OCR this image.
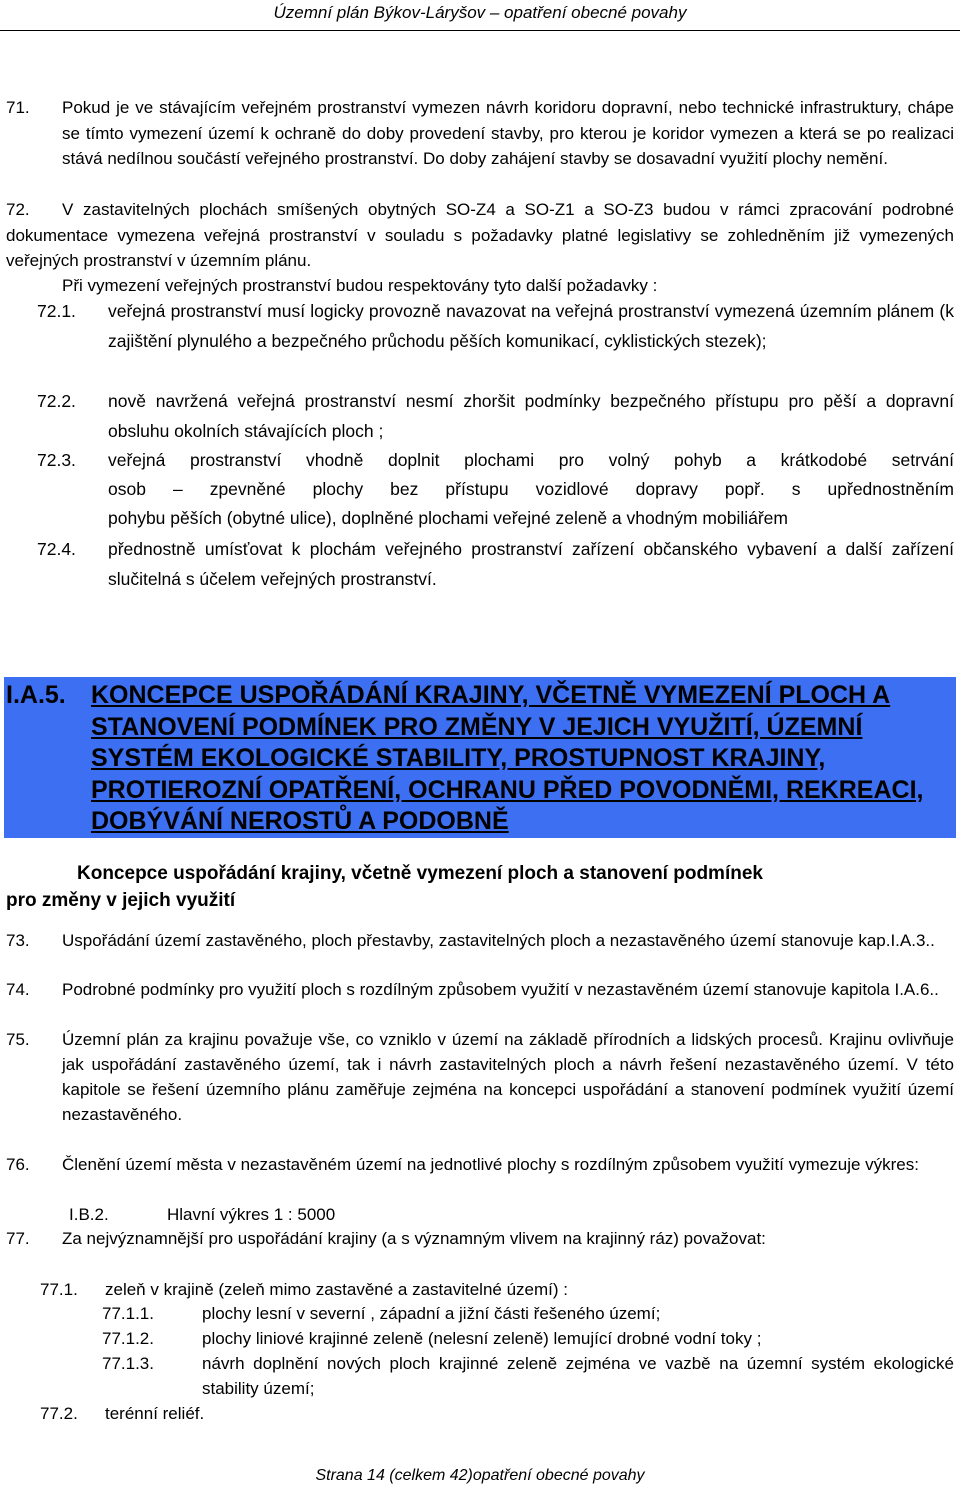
Územní plán Býkov-Láryšov – opatření obecné povahy
71. Pokud je ve stávajícím veřejném prostranství vymezen návrh koridoru dopravní, nebo technické infrastruktury, chápe se tímto vymezení území k ochraně do doby provedení stavby, pro kterou je koridor vymezen a která se po realizaci stává nedílnou součástí veřejného prostranství. Do doby zahájení stavby se dosavadní využití plochy nemění.
72.	V zastavitelných plochách smíšených obytných SO-Z4 a SO-Z1 a SO-Z3 budou v rámci zpracování podrobné dokumentace vymezena veřejná prostranství v souladu s požadavky platné legislativy se zohledněním již vymezených veřejných prostranství v územním plánu.
Při vymezení veřejných prostranství budou respektovány tyto další požadavky :
72.1. veřejná prostranství musí logicky provozně navazovat na veřejná prostranství vymezená územním plánem (k zajištění plynulého a bezpečného průchodu pěších komunikací, cyklistických stezek);
72.2. nově navržená veřejná prostranství nesmí zhoršit podmínky bezpečného přístupu pro pěší a dopravní obsluhu okolních stávajících ploch ;
72.3. veřejná prostranství vhodně doplnit plochami pro volný pohyb a krátkodobé setrvání
osob – zpevněné plochy bez přístupu vozidlové dopravy popř. s upřednostněním
pohybu pěších (obytné ulice), doplněné plochami veřejné zeleně a vhodným mobiliářem
72.4. přednostně umísťovat k plochám veřejného prostranství zařízení občanského vybavení a další zařízení slučitelná s účelem veřejných prostranství.
I.A.5. KONCEPCE USPOŘÁDÁNÍ KRAJINY, VČETNĚ VYMEZENÍ PLOCH A STANOVENÍ PODMÍNEK PRO ZMĚNY V JEJICH VYUŽITÍ, ÚZEMNÍ SYSTÉM EKOLOGICKÉ STABILITY, PROSTUPNOST KRAJINY, PROTIEROZNÍ OPATŘENÍ, OCHRANU PŘED POVODNĚMI, REKREACI, DOBÝVÁNÍ NEROSTŮ A PODOBNĚ
Koncepce uspořádání krajiny, včetně vymezení ploch a stanovení podmínek
pro změny v jejich využití
73. Uspořádání území zastavěného, ploch přestavby, zastavitelných ploch a nezastavěného území stanovuje kap.I.A.3..
74. Podrobné podmínky pro využití ploch s rozdílným způsobem využití v nezastavěném území stanovuje kapitola I.A.6..
75. Územní plán za krajinu považuje vše, co vzniklo v území na základě přírodních a lidských procesů. Krajinu ovlivňuje jak uspořádání zastavěného území, tak i návrh zastavitelných ploch a návrh řešení nezastavěného území. V této kapitole se řešení územního plánu zaměřuje zejména na koncepci uspořádání a stanovení podmínek využití území nezastavěného.
76. Členění území města v nezastavěném území na jednotlivé plochy s rozdílným způsobem využití vymezuje výkres:
I.B.2.	Hlavní výkres 1 : 5000
77. Za nejvýznamnější pro uspořádání krajiny (a s významným vlivem na krajinný ráz) považovat:
77.1. zeleň v krajině (zeleň mimo zastavěné a zastavitelné území) :
77.1.1.	plochy lesní v severní , západní a jižní části řešeného území;
77.1.2.	plochy liniové krajinné zeleně (nelesní zeleně) lemující drobné vodní toky ;
77.1.3.	návrh doplnění nových ploch krajinné zeleně zejména ve vazbě na územní systém ekologické stability území;
77.2. terénní reliéf.
Strana 14 (celkem 42)opatření obecné povahy
